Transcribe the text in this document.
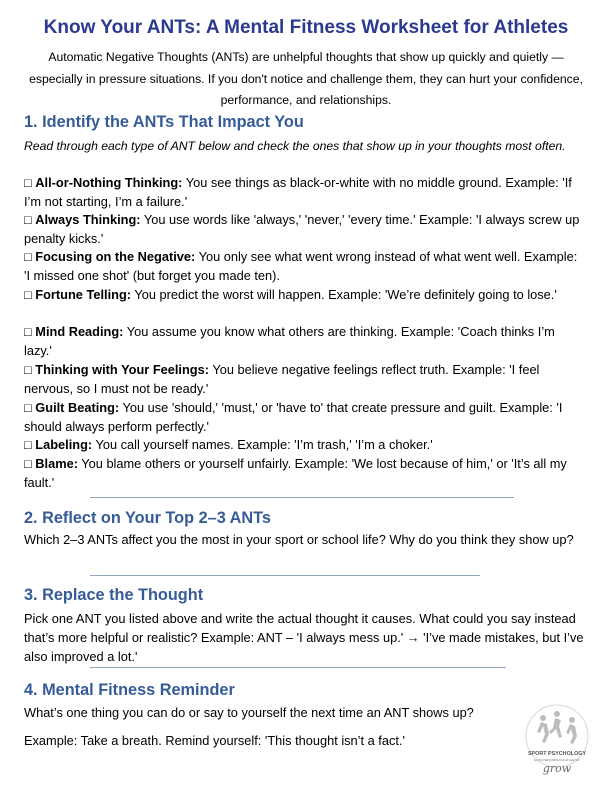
Know Your ANTs: A Mental Fitness Worksheet for Athletes
Automatic Negative Thoughts (ANTs) are unhelpful thoughts that show up quickly and quietly — especially in pressure situations. If you don't notice and challenge them, they can hurt your confidence, performance, and relationships.
1. Identify the ANTs That Impact You
Read through each type of ANT below and check the ones that show up in your thoughts most often.
□ All-or-Nothing Thinking: You see things as black-or-white with no middle ground. Example: 'If I’m not starting, I’m a failure.'
□ Always Thinking: You use words like 'always,' 'never,' 'every time.' Example: 'I always screw up penalty kicks.'
□ Focusing on the Negative: You only see what went wrong instead of what went well. Example: 'I missed one shot' (but forget you made ten).
□ Fortune Telling: You predict the worst will happen. Example: 'We’re definitely going to lose.'
□ Mind Reading: You assume you know what others are thinking. Example: 'Coach thinks I’m lazy.'
□ Thinking with Your Feelings: You believe negative feelings reflect truth. Example: 'I feel nervous, so I must not be ready.'
□ Guilt Beating: You use 'should,' 'must,' or 'have to' that create pressure and guilt. Example: 'I should always perform perfectly.'
□ Labeling: You call yourself names. Example: 'I’m trash,' 'I’m a choker.'
□ Blame: You blame others or yourself unfairly. Example: 'We lost because of him,' or 'It’s all my fault.'
2. Reflect on Your Top 2–3 ANTs
Which 2–3 ANTs affect you the most in your sport or school life? Why do you think they show up?
3. Replace the Thought
Pick one ANT you listed above and write the actual thought it causes. What could you say instead that’s more helpful or realistic? Example: ANT – 'I always mess up.' → 'I’ve made mistakes, but I’ve also improved a lot.'
4. Mental Fitness Reminder
What’s one thing you can do or say to yourself the next time an ANT shows up?
Example: Take a breath. Remind yourself: 'This thought isn’t a fact.'
SPORT PSYCHOLOGY
ELITE PERFORMANCE ATHLETES
grow
